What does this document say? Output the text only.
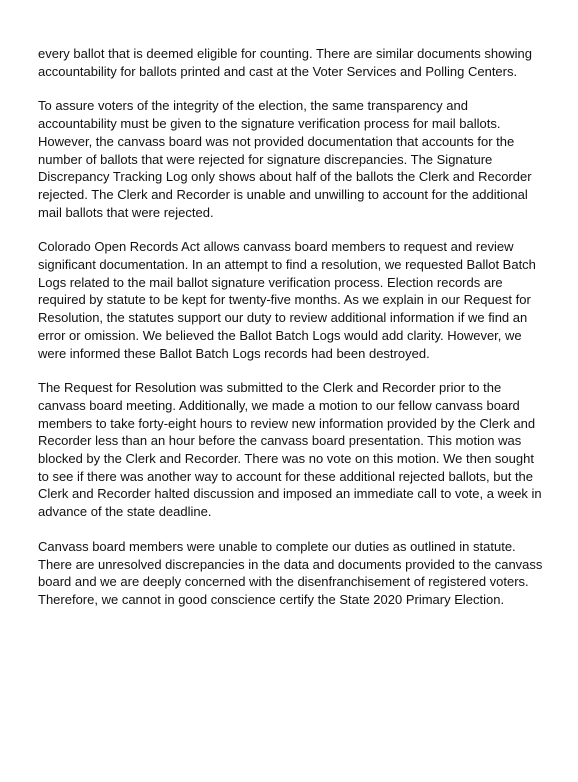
every ballot that is deemed eligible for counting. There are similar documents showing
accountability for ballots printed and cast at the Voter Services and Polling Centers.

To assure voters of the integrity of the election, the same transparency and
accountability must be given to the signature verification process for mail ballots.
However, the canvass board was not provided documentation that accounts for the
number of ballots that were rejected for signature discrepancies. The Signature
Discrepancy Tracking Log only shows about half of the ballots the Clerk and Recorder
rejected. The Clerk and Recorder is unable and unwilling to account for the additional
mail ballots that were rejected.

Colorado Open Records Act allows canvass board members to request and review
significant documentation. In an attempt to find a resolution, we requested Ballot Batch
Logs related to the mail ballot signature verification process. Election records are
required by statute to be kept for twenty-five months. As we explain in our Request for
Resolution, the statutes support our duty to review additional information if we find an
error or omission. We believed the Ballot Batch Logs would add clarity. However, we
were informed these Ballot Batch Logs records had been destroyed.

The Request for Resolution was submitted to the Clerk and Recorder prior to the
canvass board meeting. Additionally, we made a motion to our fellow canvass board
members to take forty-eight hours to review new information provided by the Clerk and
Recorder less than an hour before the canvass board presentation. This motion was
blocked by the Clerk and Recorder. There was no vote on this motion. We then sought
to see if there was another way to account for these additional rejected ballots, but the
Clerk and Recorder halted discussion and imposed an immediate call to vote, a week in
advance of the state deadline.

Canvass board members were unable to complete our duties as outlined in statute.
There are unresolved discrepancies in the data and documents provided to the canvass
board and we are deeply concerned with the disenfranchisement of registered voters.
Therefore, we cannot in good conscience certify the State 2020 Primary Election.
